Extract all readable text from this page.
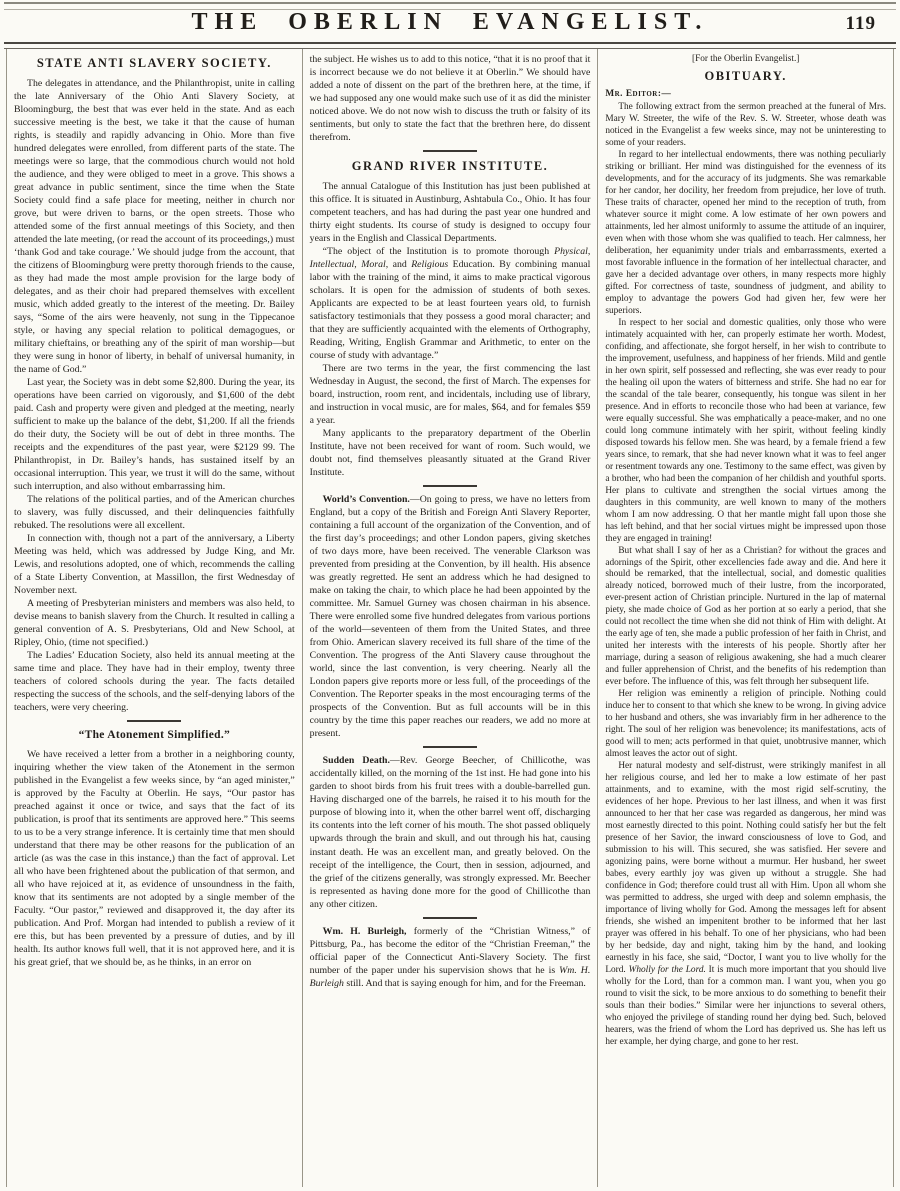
THE OBERLIN EVANGELIST.	119
STATE ANTI SLAVERY SOCIETY.

The delegates in attendance, and the Philanthropist, unite in calling the late Anniversary of the Ohio Anti Slavery Society, at Bloomingburg, the best that was ever held in the state. And as each successive meeting is the best, we take it that the cause of human rights, is steadily and rapidly advancing in Ohio. More than five hundred delegates were enrolled, from different parts of the state. The meetings were so large, that the commodious church would not hold the audience, and they were obliged to meet in a grove. This shows a great advance in public sentiment, since the time when the State Society could find a safe place for meeting, neither in church nor grove, but were driven to barns, or the open streets. Those who attended some of the first annual meetings of this Society, and then attended the late meeting, (or read the account of its proceedings,) must ‘thank God and take courage.’ We should judge from the account, that the citizens of Bloomingburg were pretty thorough friends to the cause, as they had made the most ample provision for the large body of delegates, and as their choir had prepared themselves with excellent music, which added greatly to the interest of the meeting. Dr. Bailey says, “Some of the airs were heavenly, not sung in the Tippecanoe style, or having any special relation to political demagogues, or military chieftains, or breathing any of the spirit of man worship—but they were sung in honor of liberty, in behalf of universal humanity, in the name of God.”

Last year, the Society was in debt some $2,800. During the year, its operations have been carried on vigorously, and $1,600 of the debt paid. Cash and property were given and pledged at the meeting, nearly sufficient to make up the balance of the debt, $1,200. If all the friends do their duty, the Society will be out of debt in three months. The receipts and the expenditures of the past year, were $2129 99. The Philanthropist, in Dr. Bailey’s hands, has sustained itself by an occasional interruption. This year, we trust it will do the same, without such interruption, and also without embarrassing him.

The relations of the political parties, and of the American churches to slavery, was fully discussed, and their delinquencies faithfully rebuked. The resolutions were all excellent.

In connection with, though not a part of the anniversary, a Liberty Meeting was held, which was addressed by Judge King, and Mr. Lewis, and resolutions adopted, one of which, recommends the calling of a State Liberty Convention, at Massillon, the first Wednesday of November next.

A meeting of Presbyterian ministers and members was also held, to devise means to banish slavery from the Church. It resulted in calling a general convention of A. S. Presbyterians, Old and New School, at Ripley, Ohio, (time not specified.)

The Ladies’ Education Society, also held its annual meeting at the same time and place. They have had in their employ, twenty three teachers of colored schools during the year. The facts detailed respecting the success of the schools, and the self-denying labors of the teachers, were very cheering.

“The Atonement Simplified.”

We have received a letter from a brother in a neighboring county, inquiring whether the view taken of the Atonement in the sermon published in the Evangelist a few weeks since, by “an aged minister,” is approved by the Faculty at Oberlin. He says, “Our pastor has preached against it once or twice, and says that the fact of its publication, is proof that its sentiments are approved here.” This seems to us to be a very strange inference. It is certainly time that men should understand that there may be other reasons for the publication of an article (as was the case in this instance,) than the fact of approval. Let all who have been frightened about the publication of that sermon, and all who have rejoiced at it, as evidence of unsoundness in the faith, know that its sentiments are not adopted by a single member of the Faculty. “Our pastor,” reviewed and disapproved it, the day after its publication. And Prof. Morgan had intended to publish a review of it ere this, but has been prevented by a pressure of duties, and by ill health. Its author knows full well, that it is not approved here, and it is his great grief, that we should be, as he thinks, in an error on

the subject. He wishes us to add to this notice, “that it is no proof that it is incorrect because we do not believe it at Oberlin.” We should have added a note of dissent on the part of the brethren here, at the time, if we had supposed any one would make such use of it as did the minister noticed above. We do not now wish to discuss the truth or falsity of its sentiments, but only to state the fact that the brethren here, do dissent therefrom.

GRAND RIVER INSTITUTE.

The annual Catalogue of this Institution has just been published at this office. It is situated in Austinburg, Ashtabula Co., Ohio. It has four competent teachers, and has had during the past year one hundred and thirty eight students. Its course of study is designed to occupy four years in the English and Classical Departments.

“The object of the Institution is to promote thorough Physical, Intellectual, Moral, and Religious Education. By combining manual labor with the training of the mind, it aims to make practical vigorous scholars. It is open for the admission of students of both sexes. Applicants are expected to be at least fourteen years old, to furnish satisfactory testimonials that they possess a good moral character; and that they are sufficiently acquainted with the elements of Orthography, Reading, Writing, English Grammar and Arithmetic, to enter on the course of study with advantage.”

There are two terms in the year, the first commencing the last Wednesday in August, the second, the first of March. The expenses for board, instruction, room rent, and incidentals, including use of library, and instruction in vocal music, are for males, $64, and for females $59 a year.

Many applicants to the preparatory department of the Oberlin Institute, have not been received for want of room. Such would, we doubt not, find themselves pleasantly situated at the Grand River Institute.

World’s Convention.—On going to press, we have no letters from England, but a copy of the British and Foreign Anti Slavery Reporter, containing a full account of the organization of the Convention, and of the first day’s proceedings; and other London papers, giving sketches of two days more, have been received. The venerable Clarkson was prevented from presiding at the Convention, by ill health. His absence was greatly regretted. He sent an address which he had designed to make on taking the chair, to which place he had been appointed by the committee. Mr. Samuel Gurney was chosen chairman in his absence. There were enrolled some five hundred delegates from various portions of the world—seventeen of them from the United States, and three from Ohio. American slavery received its full share of the time of the Convention. The progress of the Anti Slavery cause throughout the world, since the last convention, is very cheering. Nearly all the London papers give reports more or less full, of the proceedings of the Convention. The Reporter speaks in the most encouraging terms of the prospects of the Convention. But as full accounts will be in this country by the time this paper reaches our readers, we add no more at present.

Sudden Death.—Rev. George Beecher, of Chillicothe, was accidentally killed, on the morning of the 1st inst. He had gone into his garden to shoot birds from his fruit trees with a double-barrelled gun. Having discharged one of the barrels, he raised it to his mouth for the purpose of blowing into it, when the other barrel went off, discharging its contents into the left corner of his mouth. The shot passed obliquely upwards through the brain and skull, and out through his hat, causing instant death. He was an excellent man, and greatly beloved. On the receipt of the intelligence, the Court, then in session, adjourned, and the grief of the citizens generally, was strongly expressed. Mr. Beecher is represented as having done more for the good of Chillicothe than any other citizen.

Wm. H. Burleigh, formerly of the “Christian Witness,” of Pittsburg, Pa., has become the editor of the “Christian Freeman,” the official paper of the Connecticut Anti-Slavery Society. The first number of the paper under his supervision shows that he is Wm. H. Burleigh still. And that is saying enough for him, and for the Freeman.

[For the Oberlin Evangelist.]

OBITUARY.

Mr. Editor:—

The following extract from the sermon preached at the funeral of Mrs. Mary W. Streeter, the wife of the Rev. S. W. Streeter, whose death was noticed in the Evangelist a few weeks since, may not be uninteresting to some of your readers.

In regard to her intellectual endowments, there was nothing peculiarly striking or brilliant. Her mind was distinguished for the evenness of its developments, and for the accuracy of its judgments. She was remarkable for her candor, her docility, her freedom from prejudice, her love of truth. These traits of character, opened her mind to the reception of truth, from whatever source it might come. A low estimate of her own powers and attainments, led her almost uniformly to assume the attitude of an inquirer, even when with those whom she was qualified to teach. Her calmness, her deliberation, her equanimity under trials and embarrassments, exerted a most favorable influence in the formation of her intellectual character, and gave her a decided advantage over others, in many respects more highly gifted. For correctness of taste, soundness of judgment, and ability to employ to advantage the powers God had given her, few were her superiors.

In respect to her social and domestic qualities, only those who were intimately acquainted with her, can properly estimate her worth. Modest, confiding, and affectionate, she forgot herself, in her wish to contribute to the improvement, usefulness, and happiness of her friends. Mild and gentle in her own spirit, self possessed and reflecting, she was ever ready to pour the healing oil upon the waters of bitterness and strife. She had no ear for the scandal of the tale bearer, consequently, his tongue was silent in her presence. And in efforts to reconcile those who had been at variance, few were equally successful. She was emphatically a peace-maker, and no one could long commune intimately with her spirit, without feeling kindly disposed towards his fellow men. She was heard, by a female friend a few years since, to remark, that she had never known what it was to feel anger or resentment towards any one. Testimony to the same effect, was given by a brother, who had been the companion of her childish and youthful sports. Her plans to cultivate and strengthen the social virtues among the daughters in this community, are well known to many of the mothers whom I am now addressing. O that her mantle might fall upon those she has left behind, and that her social virtues might be impressed upon those they are engaged in training!

But what shall I say of her as a Christian? for without the graces and adornings of the Spirit, other excellencies fade away and die. And here it should be remarked, that the intellectual, social, and domestic qualities already noticed, borrowed much of their lustre, from the incorporated, ever-present action of Christian principle. Nurtured in the lap of maternal piety, she made choice of God as her portion at so early a period, that she could not recollect the time when she did not think of Him with delight. At the early age of ten, she made a public profession of her faith in Christ, and united her interests with the interests of his people. Shortly after her marriage, during a season of religious awakening, she had a much clearer and fuller apprehension of Christ, and the benefits of his redemption than ever before. The influence of this, was felt through her subsequent life.

Her religion was eminently a religion of principle. Nothing could induce her to consent to that which she knew to be wrong. In giving advice to her husband and others, she was invariably firm in her adherence to the right. The soul of her religion was benevolence; its manifestations, acts of good will to men; acts performed in that quiet, unobtrusive manner, which almost leaves the actor out of sight.

Her natural modesty and self-distrust, were strikingly manifest in all her religious course, and led her to make a low estimate of her past attainments, and to examine, with the most rigid self-scrutiny, the evidences of her hope. Previous to her last illness, and when it was first announced to her that her case was regarded as dangerous, her mind was most earnestly directed to this point. Nothing could satisfy her but the felt presence of her Savior, the inward consciousness of love to God, and submission to his will. This secured, she was satisfied. Her severe and agonizing pains, were borne without a murmur. Her husband, her sweet babes, every earthly joy was given up without a struggle. She had confidence in God; therefore could trust all with Him. Upon all whom she was permitted to address, she urged with deep and solemn emphasis, the importance of living wholly for God. Among the messages left for absent friends, she wished an impenitent brother to be informed that her last prayer was offered in his behalf. To one of her physicians, who had been by her bedside, day and night, taking him by the hand, and looking earnestly in his face, she said, “Doctor, I want you to live wholly for the Lord. Wholly for the Lord. It is much more important that you should live wholly for the Lord, than for a common man. I want you, when you go round to visit the sick, to be more anxious to do something to benefit their souls than their bodies.” Similar were her injunctions to several others, who enjoyed the privilege of standing round her dying bed. Such, beloved hearers, was the friend of whom the Lord has deprived us. She has left us her example, her dying charge, and gone to her rest.
